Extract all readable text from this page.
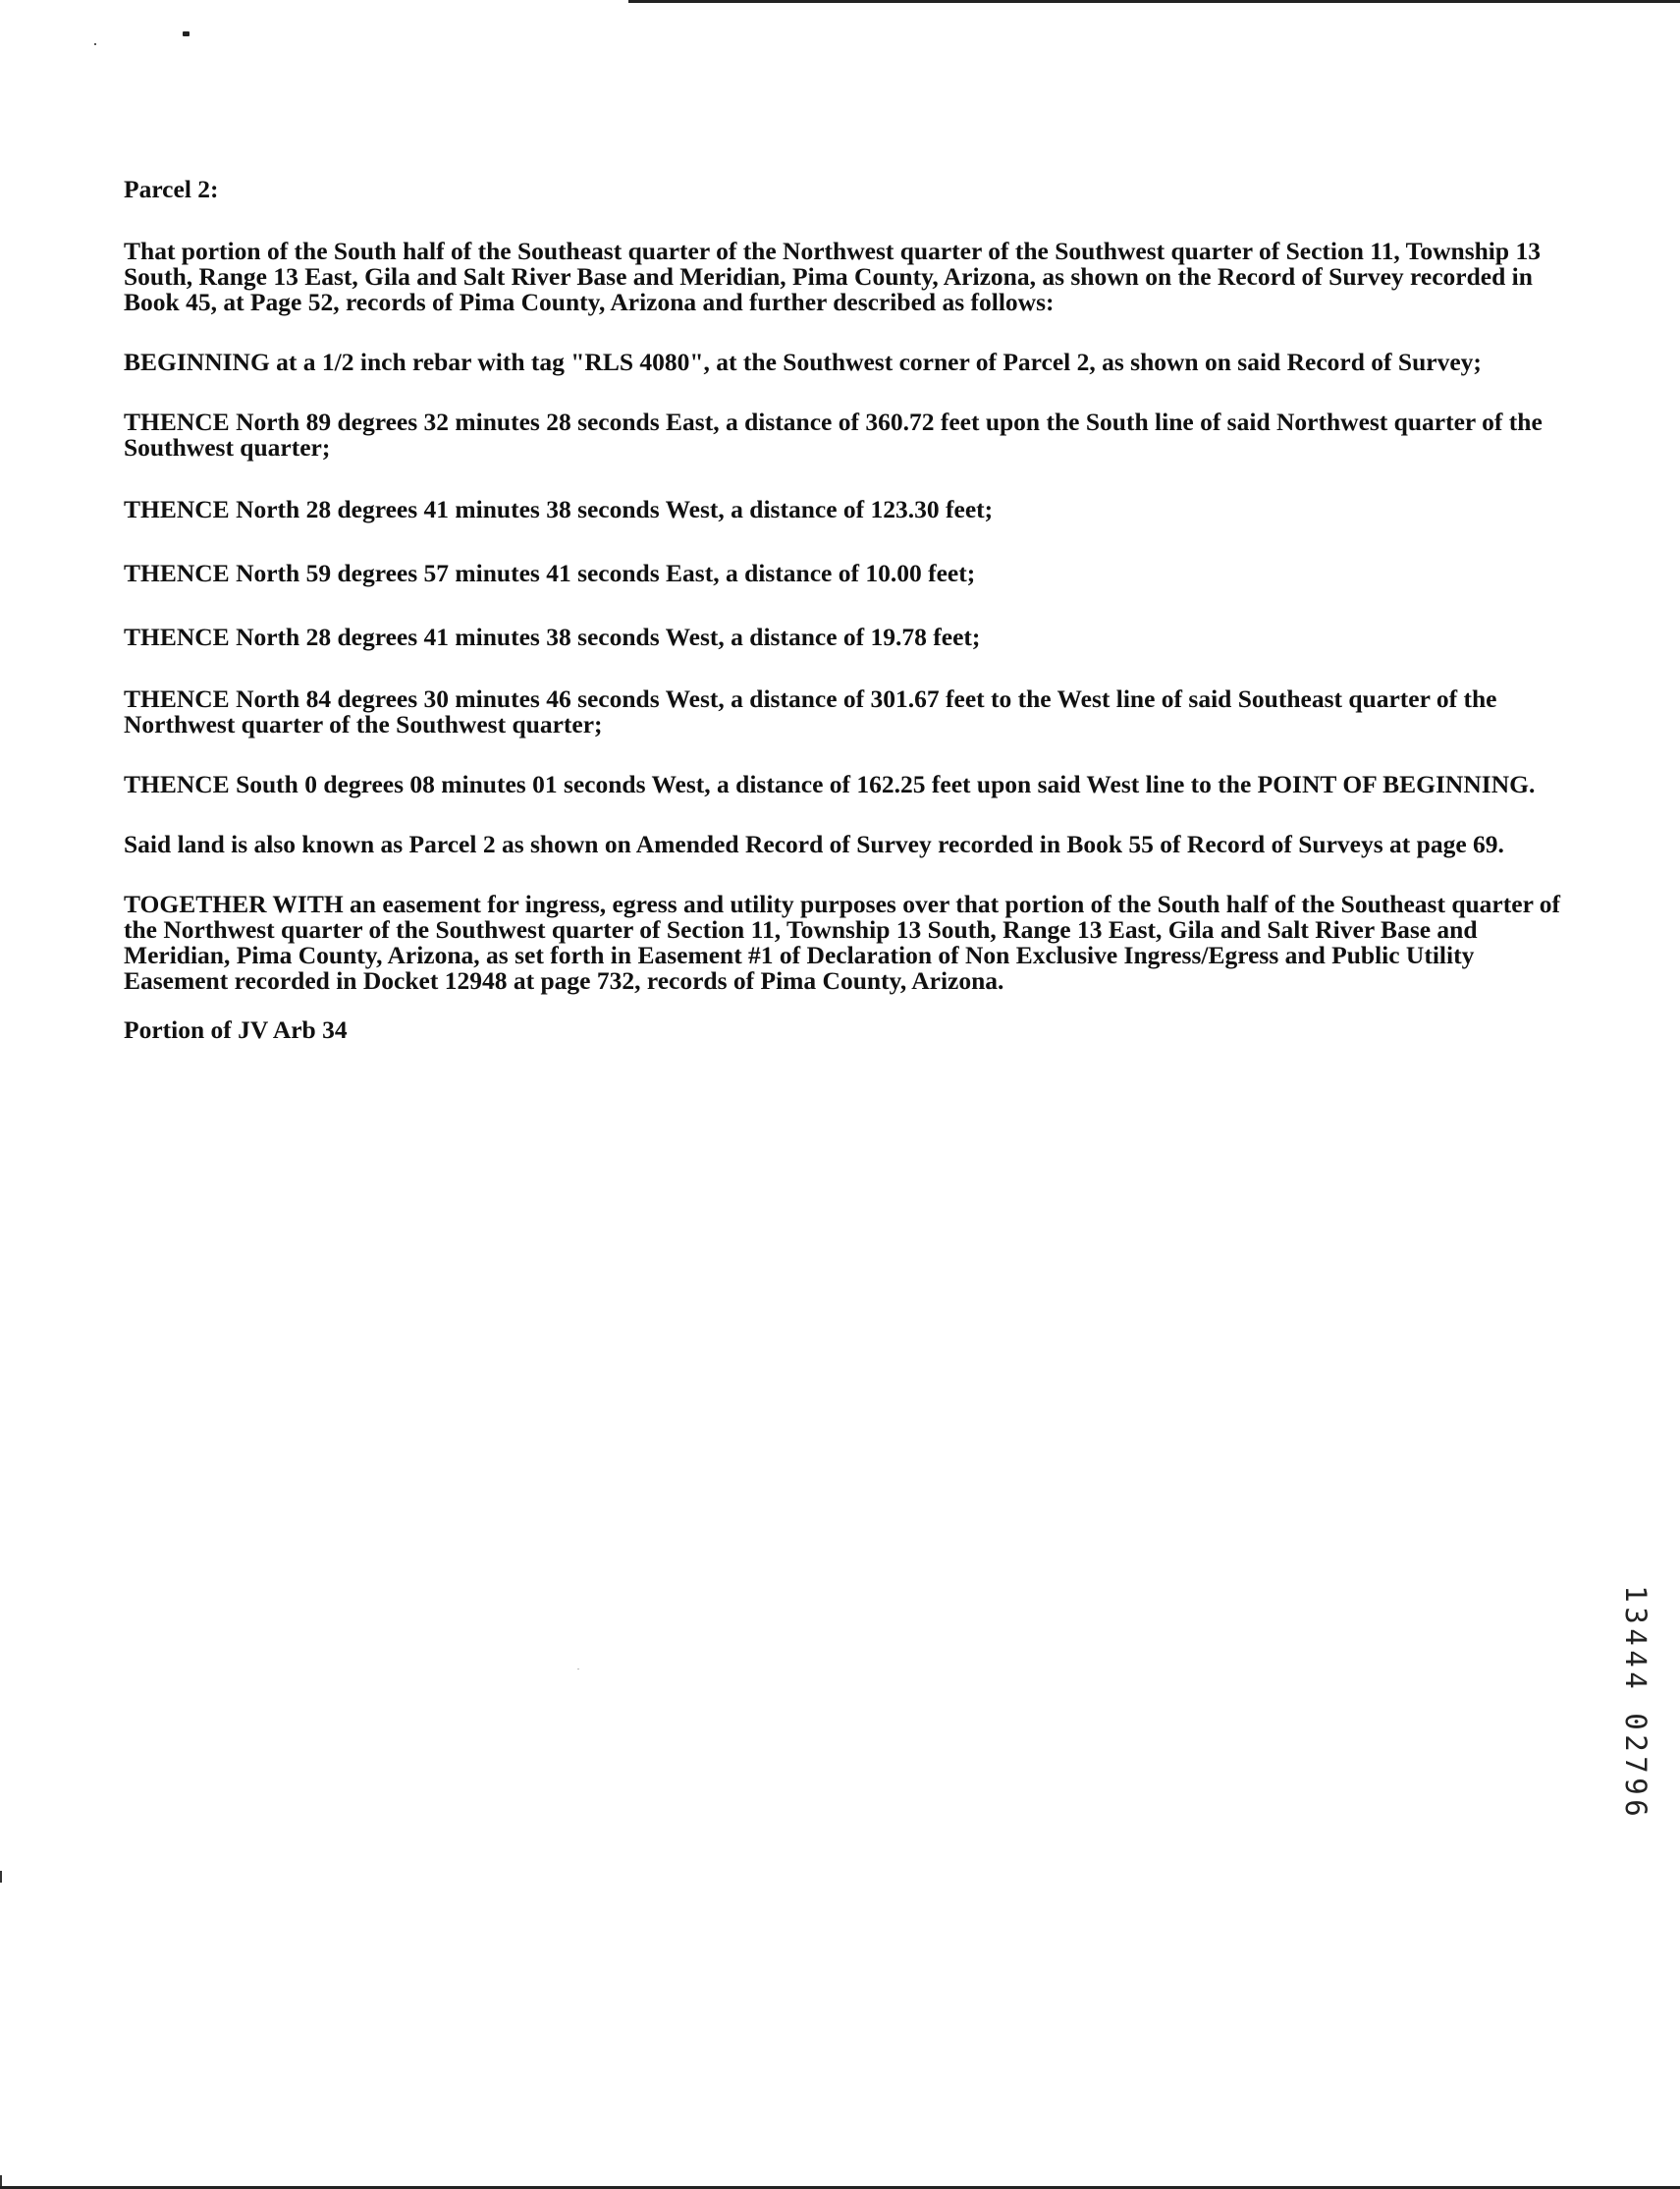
Parcel 2:

That portion of the South half of the Southeast quarter of the Northwest quarter of the Southwest quarter of Section 11, Township 13 South, Range 13 East, Gila and Salt River Base and Meridian, Pima County, Arizona, as shown on the Record of Survey recorded in Book 45, at Page 52, records of Pima County, Arizona and further described as follows:

BEGINNING at a 1/2 inch rebar with tag "RLS 4080", at the Southwest corner of Parcel 2, as shown on said Record of Survey;

THENCE North 89 degrees 32 minutes 28 seconds East, a distance of 360.72 feet upon the South line of said Northwest quarter of the Southwest quarter;

THENCE North 28 degrees 41 minutes 38 seconds West, a distance of 123.30 feet;

THENCE North 59 degrees 57 minutes 41 seconds East, a distance of 10.00 feet;

THENCE North 28 degrees 41 minutes 38 seconds West, a distance of 19.78 feet;

THENCE North 84 degrees 30 minutes 46 seconds West, a distance of 301.67 feet to the West line of said Southeast quarter of the Northwest quarter of the Southwest quarter;

THENCE South 0 degrees 08 minutes 01 seconds West, a distance of 162.25 feet upon said West line to the POINT OF BEGINNING.

Said land is also known as Parcel 2 as shown on Amended Record of Survey recorded in Book 55 of Record of Surveys at page 69.

TOGETHER WITH an easement for ingress, egress and utility purposes over that portion of the South half of the Southeast quarter of the Northwest quarter of the Southwest quarter of Section 11, Township 13 South, Range 13 East, Gila and Salt River Base and Meridian, Pima County, Arizona, as set forth in Easement #1 of Declaration of Non Exclusive Ingress/Egress and Public Utility Easement recorded in Docket 12948 at page 732, records of Pima County, Arizona.

Portion of JV Arb 34

1
3
4
4
4
0
2
7
9
6
